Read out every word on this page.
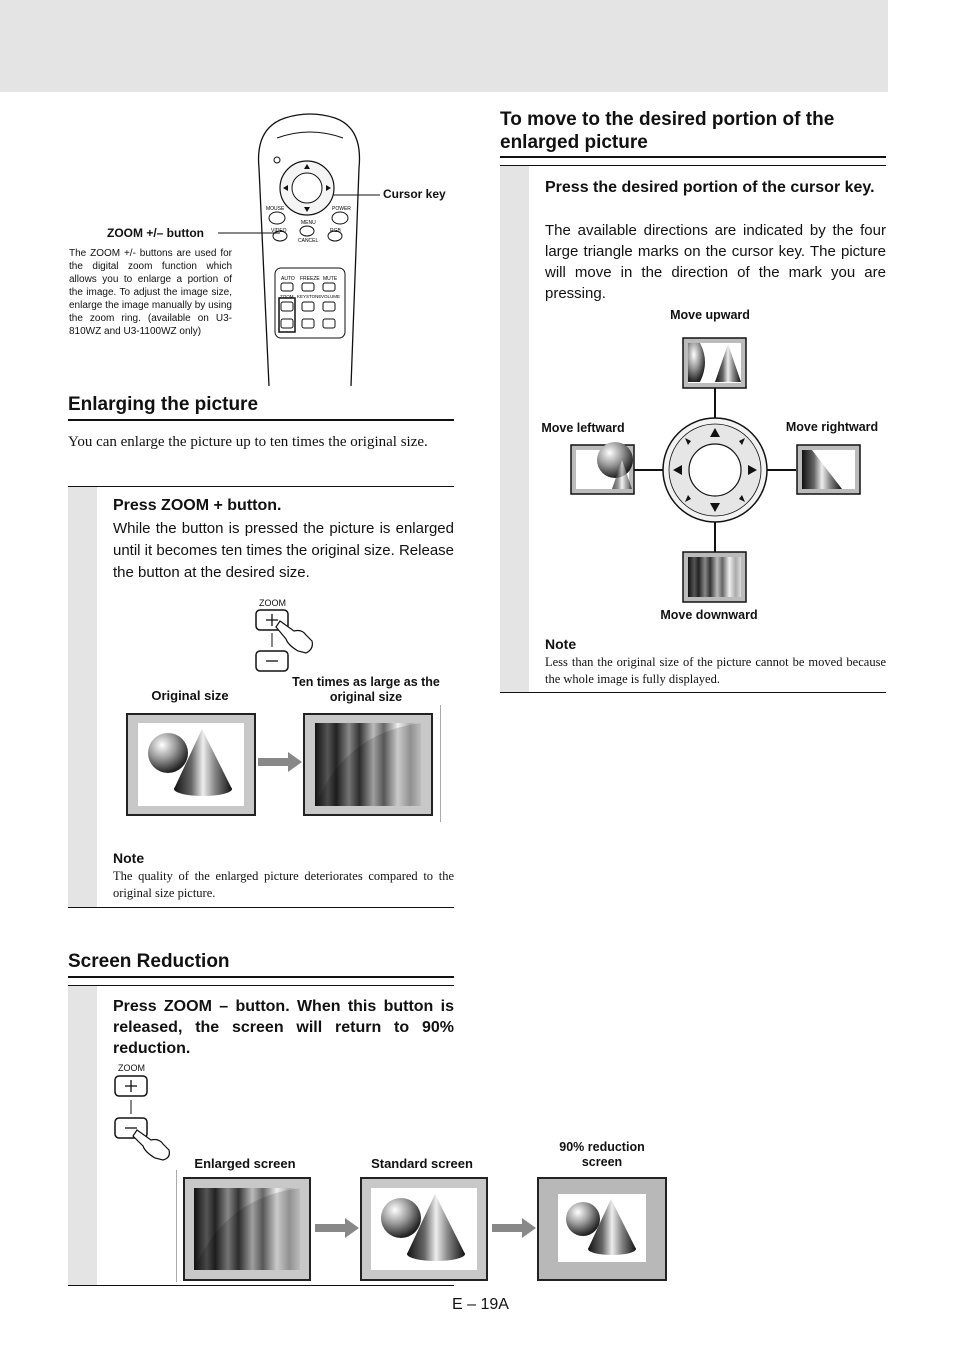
MOUSE	POWER
MENU
VIDEO	RGB
CANCEL
AUTO FREEZE MUTE
ZOOM KEYSTONE VOLUME
Cursor key
ZOOM +/– button
The ZOOM +/- buttons are used for the digital zoom function which allows you to enlarge a portion of the image. To adjust the image size, enlarge the image manually by using the zoom ring. (available on U3-810WZ and U3-1100WZ only)
Enlarging the picture
You can enlarge the picture up to ten times the original size.
Press ZOOM + button.
While the button is pressed the picture is enlarged until it becomes ten times the original size. Release the button at the desired size.
ZOOM
Original size
Ten times as large as the original size
Note
The quality of the enlarged picture deteriorates compared to the original size picture.
Screen Reduction
Press ZOOM – button. When this button is released, the screen will return to 90% reduction.
ZOOM
Enlarged screen	Standard screen
90% reduction screen
E – 19A
To move to the desired portion of the enlarged picture
Press the desired portion of the cursor key.
The available directions are indicated by the four large triangle marks on the cursor key. The picture will move in the direction of the mark you are pressing.
Move upward
Move leftward	Move rightward
Move downward
Note
Less than the original size of the picture cannot be moved because the whole image is fully displayed.
